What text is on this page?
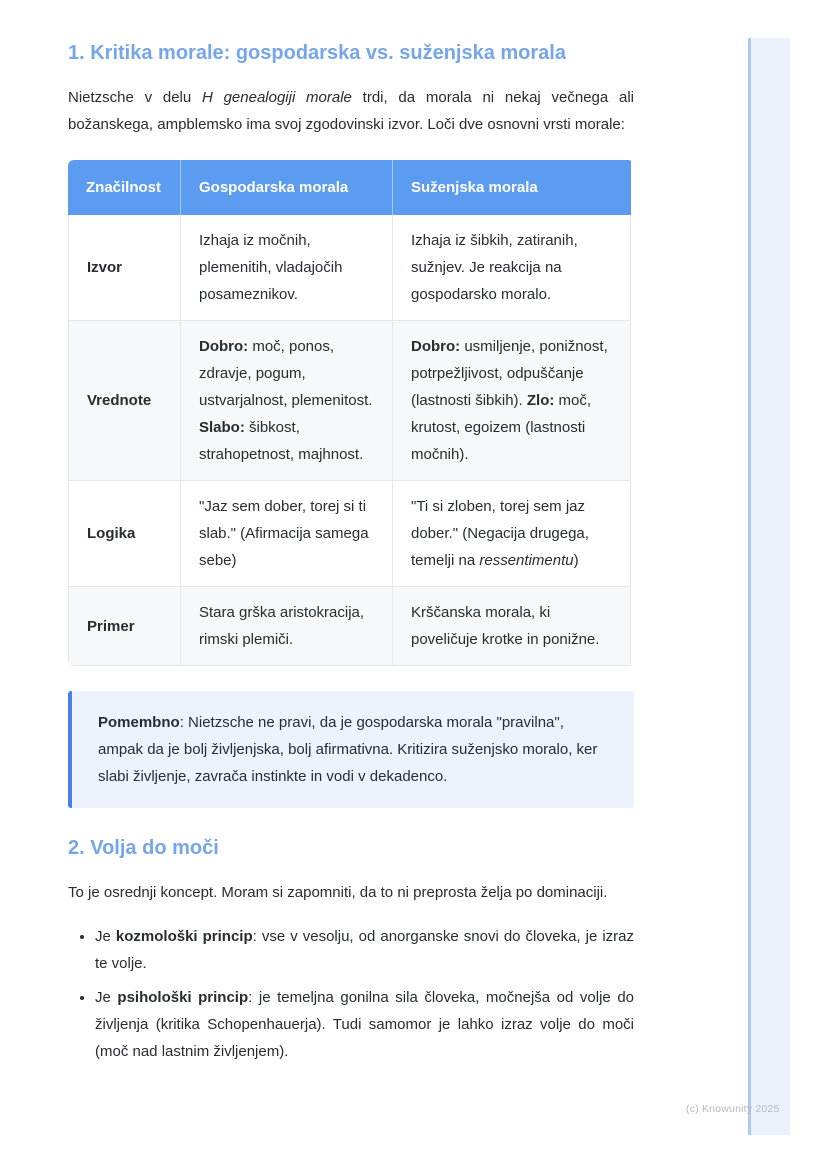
1. Kritika morale: gospodarska vs. suženjska morala

Nietzsche v delu H genealogiji morale trdi, da morala ni nekaj večnega ali božanskega, ampblemsko ima svoj zgodovinski izvor. Loči dve osnovni vrsti morale:

Značilnost	Gospodarska morala	Suženjska morala
Izvor	Izhaja iz močnih, plemenitih, vladajočih posameznikov.	Izhaja iz šibkih, zatiranih, sužnjev. Je reakcija na gospodarsko moralo.
Vrednote	Dobro: moč, ponos, zdravje, pogum, ustvarjalnost, plemenitost. Slabo: šibkost, strahopetnost, majhnost.	Dobro: usmiljenje, ponižnost, potrpežljivost, odpuščanje (lastnosti šibkih). Zlo: moč, krutost, egoizem (lastnosti močnih).
Logika	"Jaz sem dober, torej si ti slab." (Afirmacija samega sebe)	"Ti si zloben, torej sem jaz dober." (Negacija drugega, temelji na ressentimentu)
Primer	Stara grška aristokracija, rimski plemiči.	Krščanska morala, ki poveličuje krotke in ponižne.

Pomembno: Nietzsche ne pravi, da je gospodarska morala "pravilna", ampak da je bolj življenjska, bolj afirmativna. Kritizira suženjsko moralo, ker slabi življenje, zavrača instinkte in vodi v dekadenco.

2. Volja do moči

To je osrednji koncept. Moram si zapomniti, da to ni preprosta želja po dominaciji.

• Je kozmološki princip: vse v vesolju, od anorganske snovi do človeka, je izraz te volje.
• Je psihološki princip: je temeljna gonilna sila človeka, močnejša od volje do življenja (kritika Schopenhauerja). Tudi samomor je lahko izraz volje do moči (moč nad lastnim življenjem).
(c) Knowunity 2025
